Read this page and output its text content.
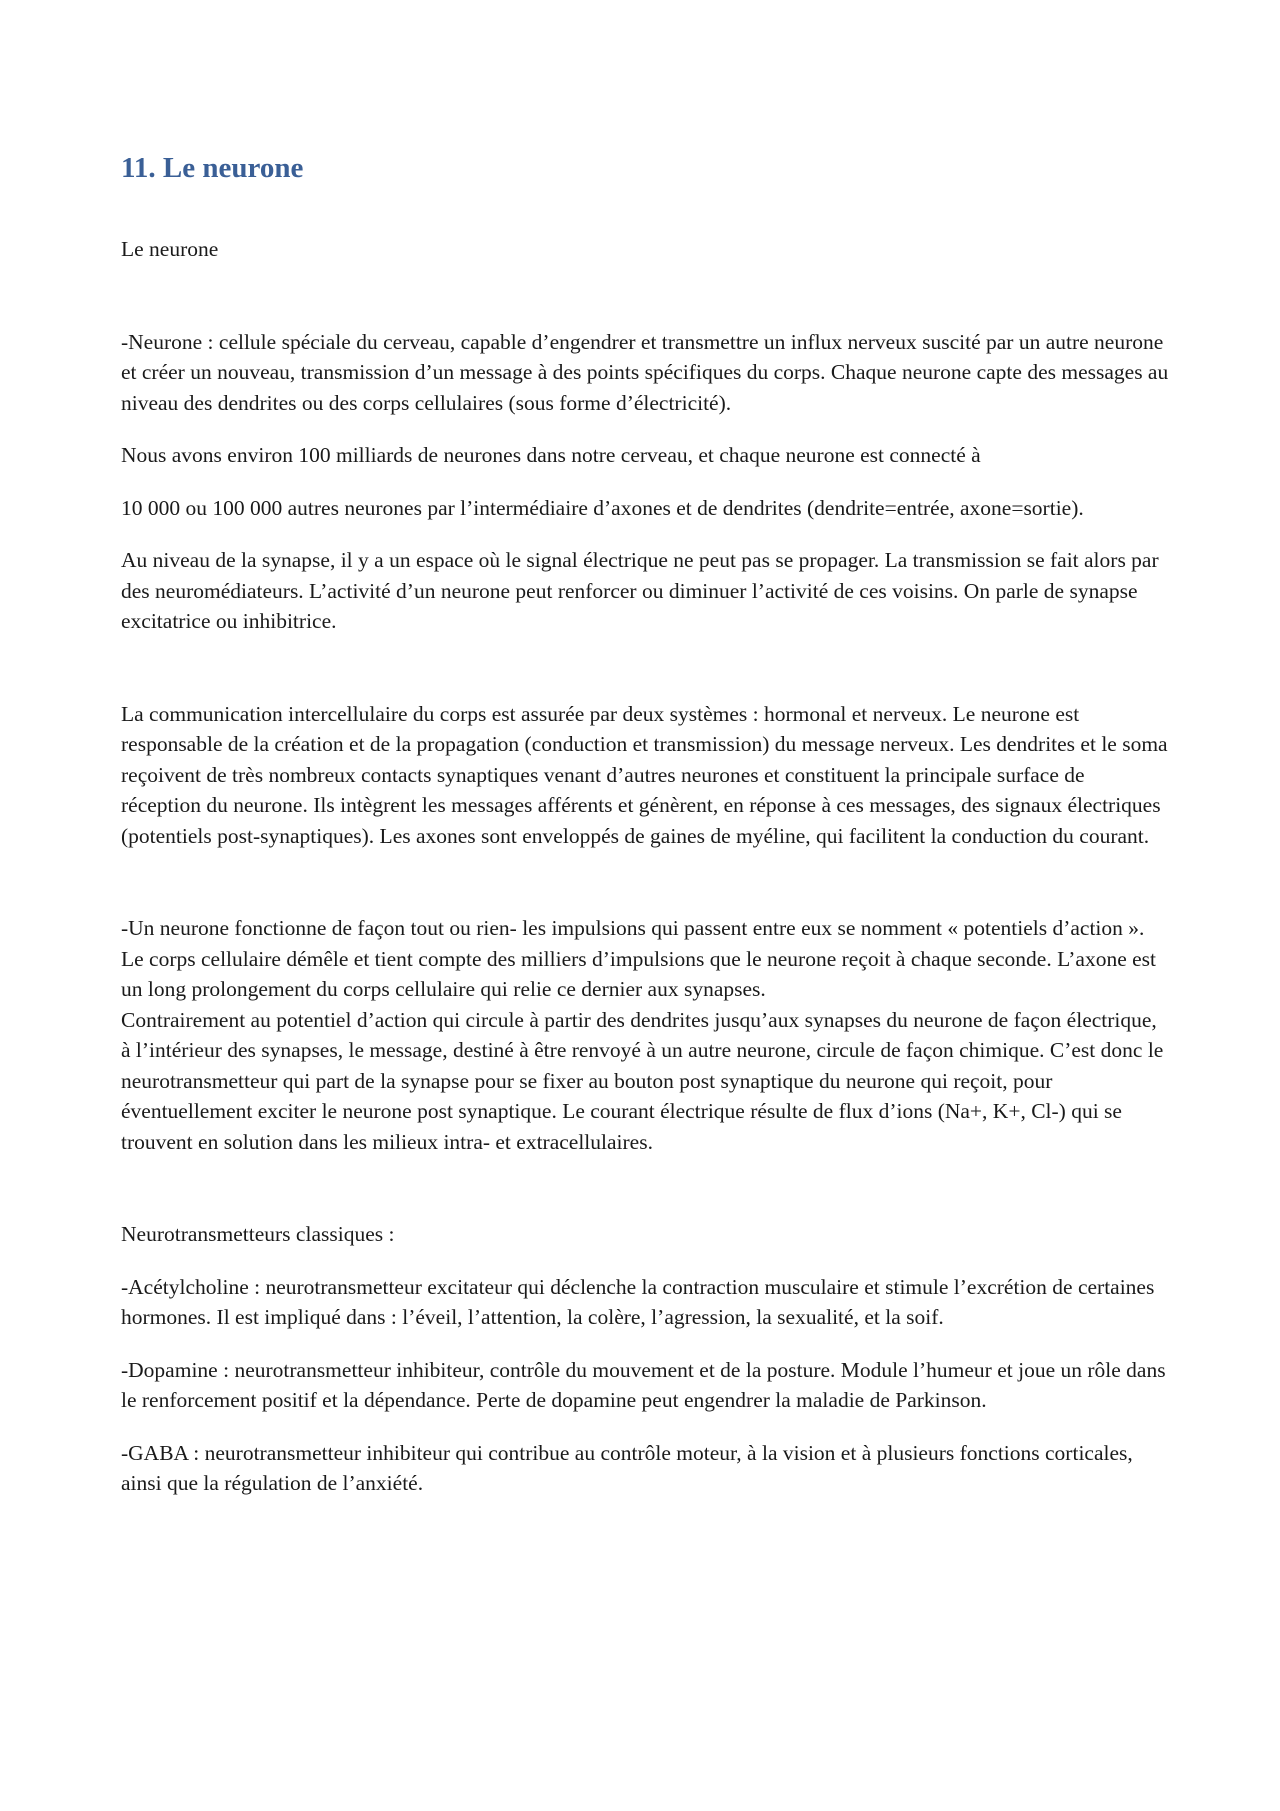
11. Le neurone

Le neurone

-Neurone : cellule spéciale du cerveau, capable d’engendrer et transmettre un influx nerveux suscité par un autre neurone et créer un nouveau, transmission d’un message à des points spécifiques du corps. Chaque neurone capte des messages au niveau des dendrites ou des corps cellulaires (sous forme d’électricité).

Nous avons environ 100 milliards de neurones dans notre cerveau, et chaque neurone est connecté à

10 000 ou 100 000 autres neurones par l’intermédiaire d’axones et de dendrites (dendrite=entrée, axone=sortie).

Au niveau de la synapse, il y a un espace où le signal électrique ne peut pas se propager. La transmission se fait alors par des neuromédiateurs. L’activité d’un neurone peut renforcer ou diminuer l’activité de ces voisins. On parle de synapse excitatrice ou inhibitrice.

La communication intercellulaire du corps est assurée par deux systèmes : hormonal et nerveux. Le neurone est responsable de la création et de la propagation (conduction et transmission) du message nerveux. Les dendrites et le soma reçoivent de très nombreux contacts synaptiques venant d’autres neurones et constituent la principale surface de réception du neurone. Ils intègrent les messages afférents et génèrent, en réponse à ces messages, des signaux électriques (potentiels post-synaptiques). Les axones sont enveloppés de gaines de myéline, qui facilitent la conduction du courant.

-Un neurone fonctionne de façon tout ou rien- les impulsions qui passent entre eux se nomment « potentiels d’action ». Le corps cellulaire démêle et tient compte des milliers d’impulsions que le neurone reçoit à chaque seconde. L’axone est un long prolongement du corps cellulaire qui relie ce dernier aux synapses.

Contrairement au potentiel d’action qui circule à partir des dendrites jusqu’aux synapses du neurone de façon électrique, à l’intérieur des synapses, le message, destiné à être renvoyé à un autre neurone, circule de façon chimique. C’est donc le neurotransmetteur qui part de la synapse pour se fixer au bouton post synaptique du neurone qui reçoit, pour éventuellement exciter le neurone post synaptique. Le courant électrique résulte de flux d’ions (Na+, K+, Cl-) qui se trouvent en solution dans les milieux intra- et extracellulaires.

Neurotransmetteurs classiques :

-Acétylcholine : neurotransmetteur excitateur qui déclenche la contraction musculaire et stimule l’excrétion de certaines hormones. Il est impliqué dans : l’éveil, l’attention, la colère, l’agression, la sexualité, et la soif.

-Dopamine : neurotransmetteur inhibiteur, contrôle du mouvement et de la posture. Module l’humeur et joue un rôle dans le renforcement positif et la dépendance. Perte de dopamine peut engendrer la maladie de Parkinson.

-GABA : neurotransmetteur inhibiteur qui contribue au contrôle moteur, à la vision et à plusieurs fonctions corticales, ainsi que la régulation de l’anxiété.
